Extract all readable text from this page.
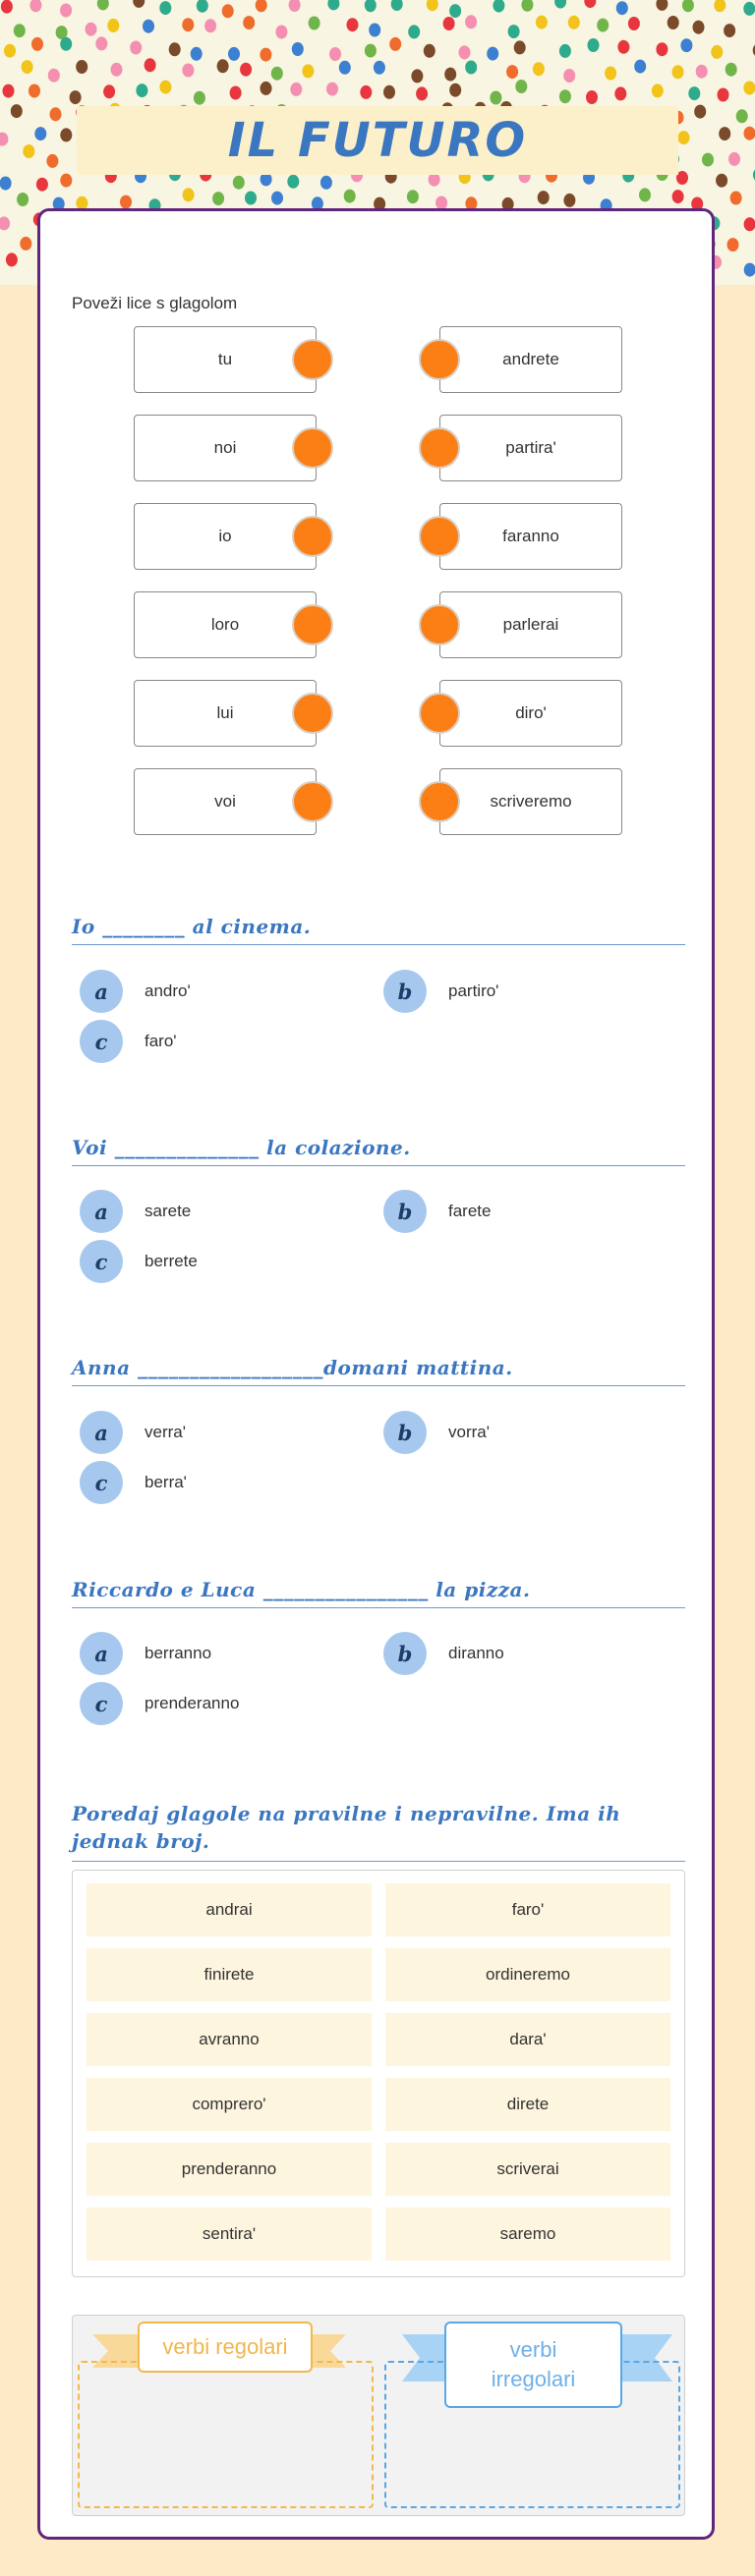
IL FUTURO
Poveži lice s glagolom
tu	andrete
noi	partira'
io	faranno
loro	parlerai
lui	diro'
voi	scriveremo
Io ________ al cinema.
a	andro'	b	partiro'
c	faro'
Voi ______________ la colazione.
a	sarete	b	farete
c	berrete
Anna __________________domani mattina.
a	verra'	b	vorra'
c	berra'
Riccardo e Luca ________________ la pizza.
a	berranno	b	diranno
c	prenderanno
Poredaj glagole na pravilne i nepravilne. Ima ih
jednak broj.
andrai	faro'
finirete	ordineremo
avranno	dara'
comprero'	direte
prenderanno	scriverai
sentira'	saremo
verbi regolari	verbi
irregolari
